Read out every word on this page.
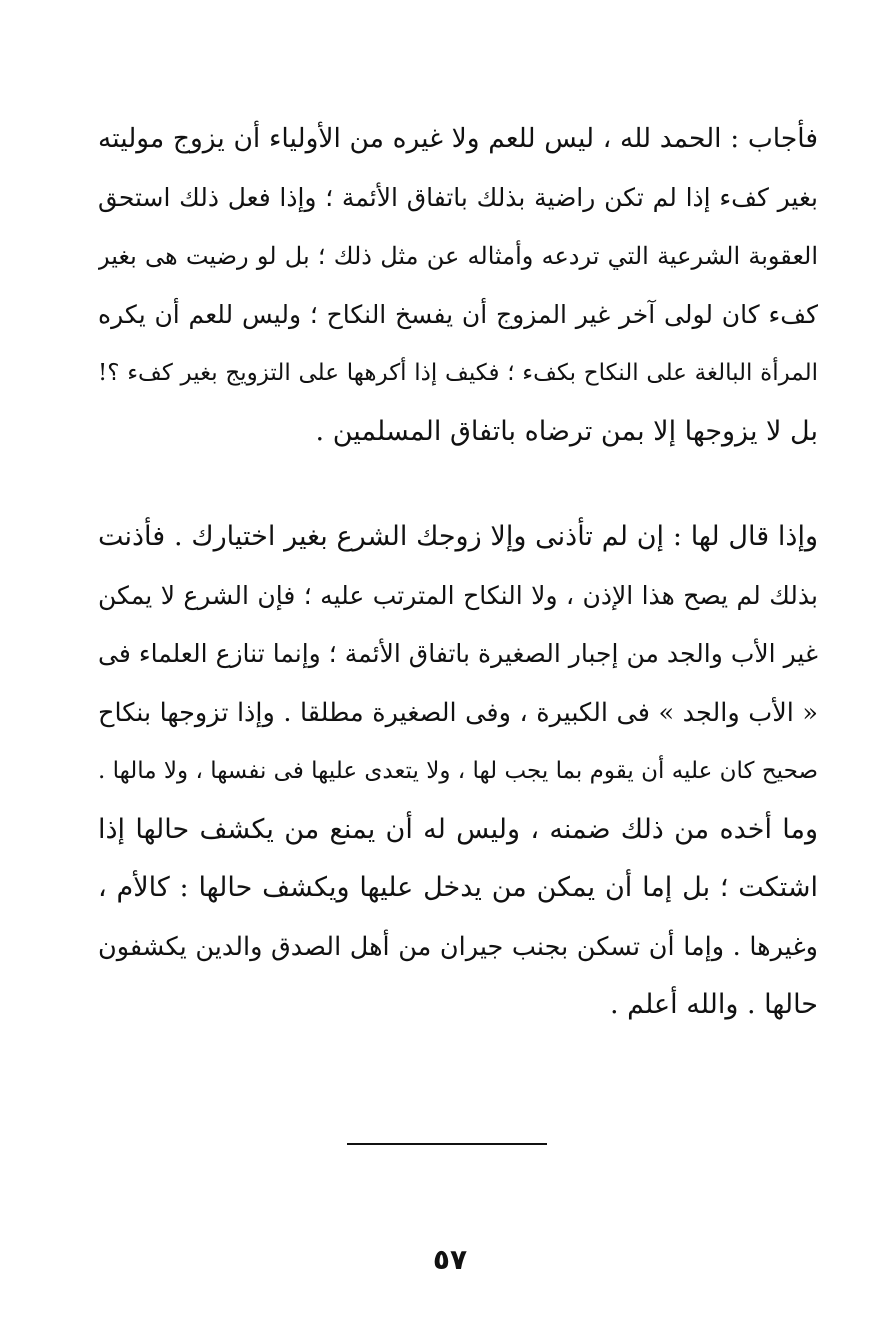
فأجاب : الحمد لله ، ليس للعم ولا غيره من الأولياء أن يزوج موليته
بغير كفء إذا لم تكن راضية بذلك باتفاق الأئمة ؛ وإذا فعل ذلك استحق
العقوبة الشرعية التي تردعه وأمثاله عن مثل ذلك ؛ بل لو رضيت هى بغير
كفء كان لولى آخر غير المزوج أن يفسخ النكاح ؛ وليس للعم أن يكره
المرأة البالغة على النكاح بكفء ؛ فكيف إذا أكرهها على التزويج بغير كفء ؟!
بل لا يزوجها إلا بمن ترضاه باتفاق المسلمين .
وإذا قال لها : إن لم تأذنى وإلا زوجك الشرع بغير اختيارك . فأذنت
بذلك لم يصح هذا الإذن ، ولا النكاح المترتب عليه ؛ فإن الشرع لا يمكن
غير الأب والجد من إجبار الصغيرة باتفاق الأئمة ؛ وإنما تنازع العلماء فى
« الأب والجد » فى الكبيرة ، وفى الصغيرة مطلقا . وإذا تزوجها بنكاح
صحيح كان عليه أن يقوم بما يجب لها ، ولا يتعدى عليها فى نفسها ، ولا مالها .
وما أخده من ذلك ضمنه ، وليس له أن يمنع من يكشف حالها إذا
اشتكت ؛ بل إما أن يمكن من يدخل عليها ويكشف حالها : كالأم ،
وغيرها . وإما أن تسكن بجنب جيران من أهل الصدق والدين يكشفون
حالها . والله أعلم .
٥٧
